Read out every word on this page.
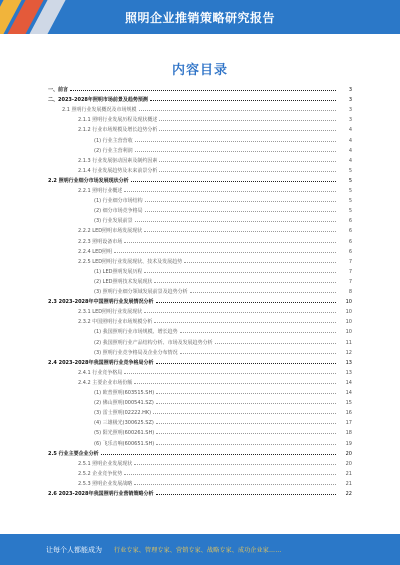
照明企业推销策略研究报告
内容目录
一、前言	3
二、2023-2028年照明市场前景及趋势预测	3
2.1 照明行业发展概况及市场规模	3
2.1.1 照明行业发展历程及现状概述	3
2.1.2 行业市场规模及增长趋势分析	4
(1) 行业主营营收	4
(2) 行业主营利润	4
2.1.3 行业发展驱动因素及制约因素	4
2.1.4 行业发展趋势及未来前景分析	5
2.2 照明行业细分市场发展现状分析	5
2.2.1 照明行业概述	5
(1) 行业细分市场结构	5
(2) 细分市场竞争格局	5
(3) 行业发展前景	6
2.2.2 LED照明市场发展现状	6
2.2.3 照明设备市场	6
2.2.4 LED照明	6
2.2.5 LED照明行业发展现状、技术及发展趋势	7
(1) LED照明发展历程	7
(2) LED照明技术发展现状	7
(3) 照明行业细分领域发展前景及趋势分析	8
2.3 2023-2028年中国照明行业发展情况分析	10
2.3.1 LED照明行业发展现状	10
2.3.2 中国照明行业市场规模分析	10
(1) 我国照明行业市场规模、增长趋势	10
(2) 我国照明行业产品结构分析、市场及发展趋势分析	11
(3) 照明行业竞争格局及企业分布情况	12
2.4 2023-2028年我国照明行业竞争格局分析	13
2.4.1 行业竞争格局	13
2.4.2 主要企业市场份额	14
(1) 欧普照明(603515.SH)	14
(2) 佛山照明(000541.SZ)	15
(3) 雷士照明(02222.HK)	16
(4) 三雄极光(300625.SZ)	17
(5) 阳光照明(600261.SH)	18
(6) 飞乐音响(600651.SH)	19
2.5 行业主要企业分析	20
2.5.1 照明企业发展现状	20
2.5.2 企业竞争优势	21
2.5.3 照明企业发展战略	21
2.6 2023-2028年我国照明行业营销策略分析	22
让每个人都能成为 行业专家、管理专家、营销专家、战略专家、成功企业家……
